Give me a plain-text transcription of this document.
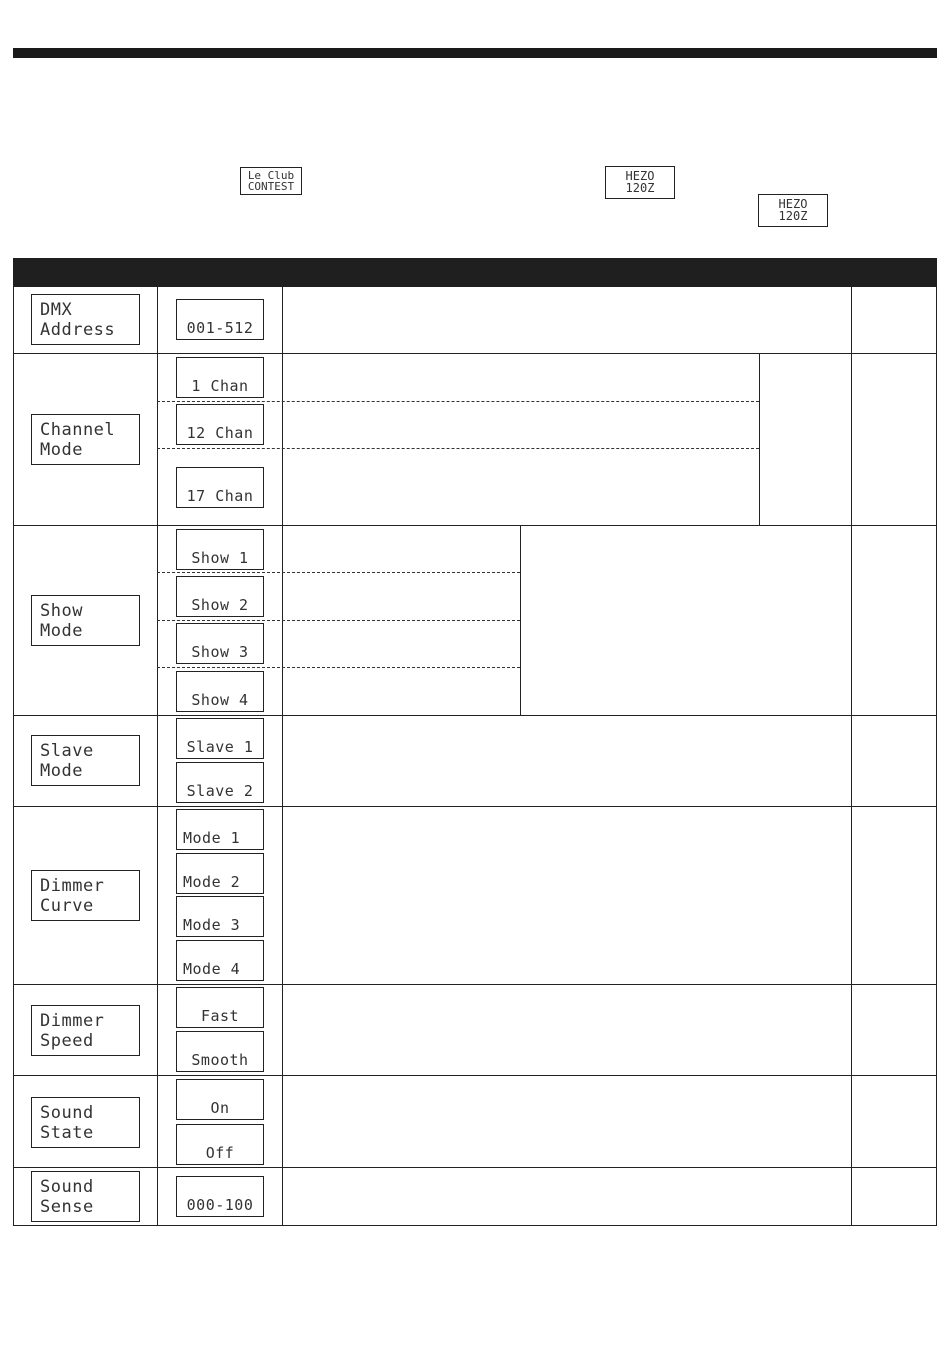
Le Club
CONTEST
HEZO
120Z
HEZO
120Z
DMX
Address	001-512
Channel
Mode
1 Chan
12 Chan
17 Chan
Show
Mode
Show 1
Show 2
Show 3
Show 4
Slave
Mode
Slave 1
Slave 2
Dimmer
Curve
Mode 1
Mode 2
Mode 3
Mode 4
Dimmer
Speed
Fast
Smooth
Sound
State
On
Off
Sound
Sense	000-100
